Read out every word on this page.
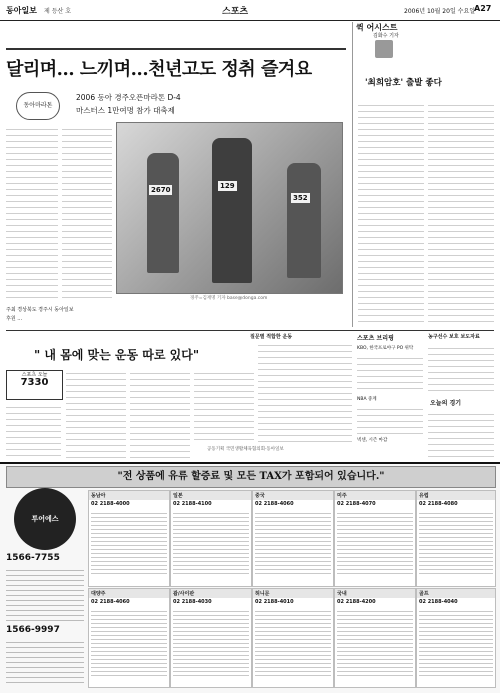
동아일보 제 등산 호	스포츠	2006년 10월 20일 수요일
A27
달리며… 느끼며…천년고도 정취 즐겨요
동아마라톤
2006 동아 경주오픈마라톤 D-4
마스터스 1만여명 참가 대축제
2670	129
352
경주=김재명 기자 base@donga.com
주최 경상북도 경주시 동아일보
후원 …
퀵 어시스트
김화수 기자
'최희암호' 출발 좋다
" 내 몸에 맞는 운동 따로 있다"
스포츠 오늘
7330
질문별 적합한 운동
공동기획 국민생활체육협의회·동아일보
스포츠 브리핑
KBO, 한국프로야구 PO 위탁
NBA 중계
넥센, 시즌 마감
농구선수 보호 보도자료
오늘의 경기
"전 상품에 유류 할증료 및 모든 TAX가 포함되어 있습니다."
투어에스
1566-7755
1566-9997
동남아
02 2188-4000
일본
02 2188-4100
중국
02 2188-4060
미주
02 2188-4070
유럽
02 2188-4080
대양주
02 2188-4060
괌/사이판
02 2188-4030
허니문
02 2188-4010
국내
02 2188-4200
골프
02 2188-4040
